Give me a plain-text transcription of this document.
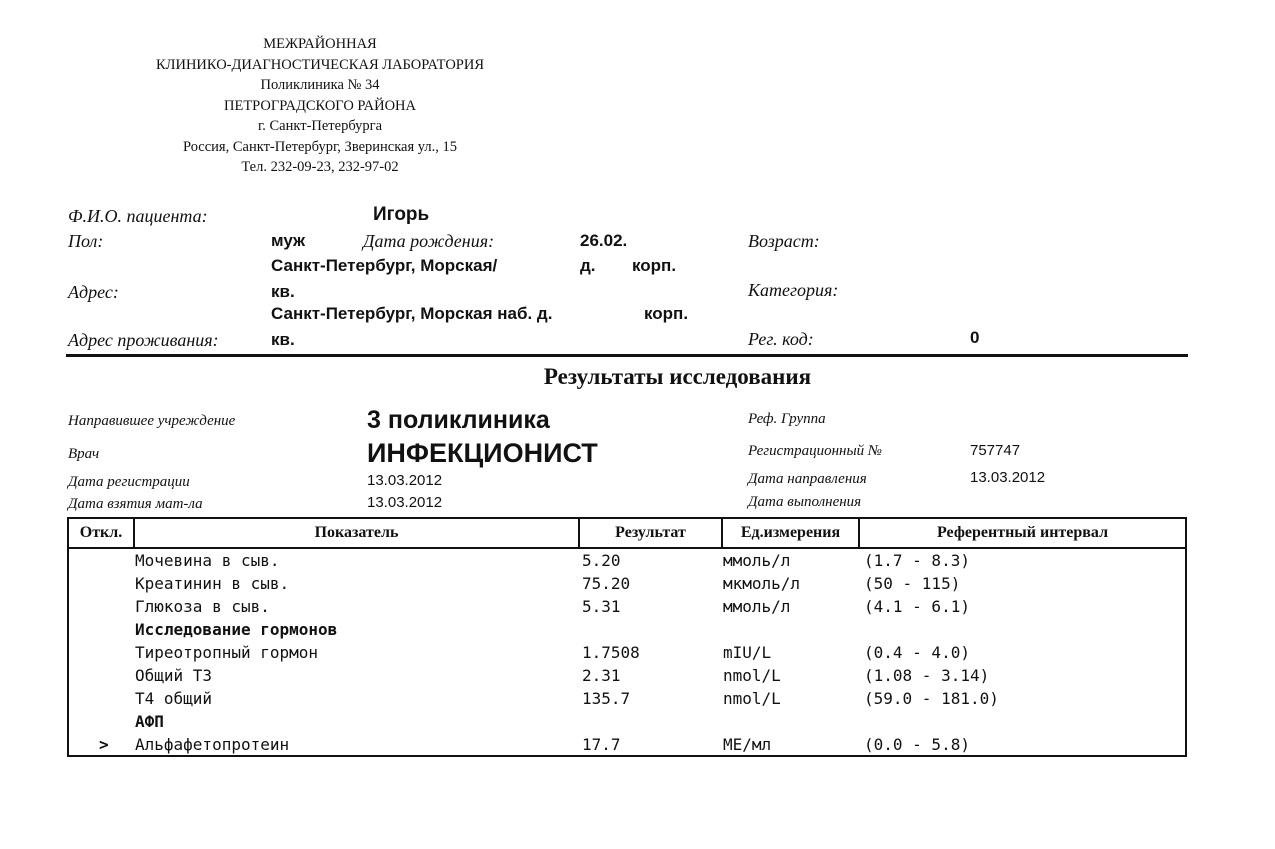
МЕЖРАЙОННАЯ
КЛИНИКО-ДИАГНОСТИЧЕСКАЯ ЛАБОРАТОРИЯ
Поликлиника № 34
ПЕТРОГРАДСКОГО РАЙОНА
г. Санкт-Петербурга
Россия, Санкт-Петербург, Зверинская ул., 15
Тел. 232-09-23, 232-97-02
Ф.И.О. пациента:	Игорь
Пол:	муж	Дата рождения:	26.02.	Возраст:
Санкт-Петербург, Морская/	д. корп.
Адрес:	кв.	Категория:
Санкт-Петербург, Морская наб. д.	корп.
Адрес проживания:	кв.	Рег. код:	0
Результаты исследования
Направившее учреждение	3 поликлиника	Реф. Группа
Врач	ИНФЕКЦИОНИСТ	Регистрационный №	757747
Дата регистрации	13.03.2012	Дата направления	13.03.2012
Дата взятия мат-ла	13.03.2012	Дата выполнения
Откл.	Показатель	Результат	Ед.измерения	Референтный интервал
Мочевина в сыв.	5.20	ммоль/л	(1.7 - 8.3)
Креатинин в сыв.	75.20	мкмоль/л	(50 - 115)
Глюкоза в сыв.	5.31	ммоль/л	(4.1 - 6.1)
Исследование гормонов
Тиреотропный гормон	1.7508	mIU/L	(0.4 - 4.0)
Общий Т3	2.31	nmol/L	(1.08 - 3.14)
Т4 общий	135.7	nmol/L	(59.0 - 181.0)
АФП
> Альфафетопротеин	17.7	МЕ/мл	(0.0 - 5.8)
